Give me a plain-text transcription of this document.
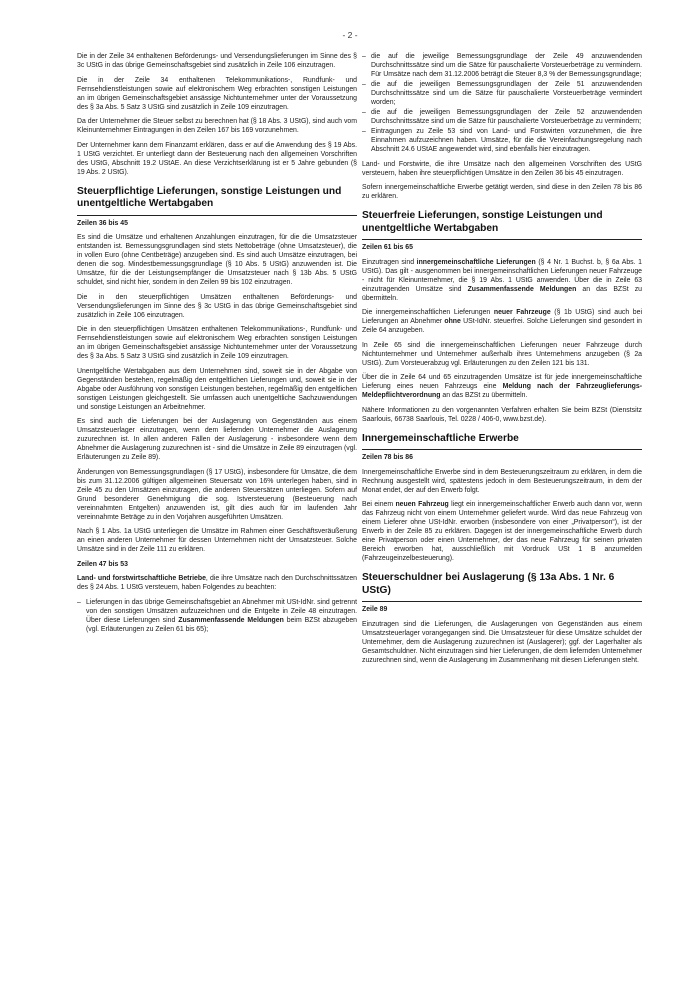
- 2 -

Die in der Zeile 34 enthaltenen Beförderungs- und Versendungslieferungen im Sinne des § 3c UStG in das übrige Gemeinschaftsgebiet sind zusätzlich in Zeile 106 einzutragen.

Die in der Zeile 34 enthaltenen Telekommunikations-, Rundfunk- und Fernsehdienstleistungen sowie auf elektronischem Weg erbrachten sonstigen Leistungen an im übrigen Gemeinschaftsgebiet ansässige Nichtunternehmer unter der Voraussetzung des § 3a Abs. 5 Satz 3 UStG sind zusätzlich in Zeile 109 einzutragen.

Da der Unternehmer die Steuer selbst zu berechnen hat (§ 18 Abs. 3 UStG), sind auch vom Kleinunternehmer Eintragungen in den Zeilen 167 bis 169 vorzunehmen.

Der Unternehmer kann dem Finanzamt erklären, dass er auf die Anwendung des § 19 Abs. 1 UStG verzichtet. Er unterliegt dann der Besteuerung nach den allgemeinen Vorschriften des UStG, Abschnitt 19.2 UStAE. An diese Verzichtserklärung ist er 5 Jahre gebunden (§ 19 Abs. 2 UStG).

Steuerpflichtige Lieferungen, sonstige Leistungen und unentgeltliche Wertabgaben

Zeilen 36 bis 45

Es sind die Umsätze und erhaltenen Anzahlungen einzutragen, für die die Umsatzsteuer entstanden ist. Bemessungsgrundlagen sind stets Nettobeträge (ohne Umsatzsteuer), die in vollen Euro (ohne Centbeträge) anzugeben sind. Es sind auch Umsätze einzutragen, bei denen die sog. Mindestbemessungsgrundlage (§ 10 Abs. 5 UStG) anzuwenden ist. Die Umsätze, für die der Leistungsempfänger die Umsatzsteuer nach § 13b Abs. 5 UStG schuldet, sind nicht hier, sondern in den Zeilen 99 bis 102 einzutragen.

Die in den steuerpflichtigen Umsätzen enthaltenen Beförderungs- und Versendungslieferungen im Sinne des § 3c UStG in das übrige Gemeinschaftsgebiet sind zusätzlich in Zeile 106 einzutragen.

Die in den steuerpflichtigen Umsätzen enthaltenen Telekommunikations-, Rundfunk- und Fernsehdienstleistungen sowie auf elektronischem Weg erbrachten sonstigen Leistungen an im übrigen Gemeinschaftsgebiet ansässige Nichtunternehmer unter der Voraussetzung des § 3a Abs. 5 Satz 3 UStG sind zusätzlich in Zeile 109 einzutragen.

Unentgeltliche Wertabgaben aus dem Unternehmen sind, soweit sie in der Abgabe von Gegenständen bestehen, regelmäßig den entgeltlichen Lieferungen und, soweit sie in der Abgabe oder Ausführung von sonstigen Leistungen bestehen, regelmäßig den entgeltlichen sonstigen Leistungen gleichgestellt. Sie umfassen auch unentgeltliche Sachzuwendungen und sonstige Leistungen an Arbeitnehmer.

Es sind auch die Lieferungen bei der Auslagerung von Gegenständen aus einem Umsatzsteuerlager einzutragen, wenn dem liefernden Unternehmer die Auslagerung zuzurechnen ist. In allen anderen Fällen der Auslagerung - insbesondere wenn dem Abnehmer die Auslagerung zuzurechnen ist - sind die Umsätze in Zeile 89 einzutragen (vgl. Erläuterungen zu Zeile 89).

Änderungen von Bemessungsgrundlagen (§ 17 UStG), insbesondere für Umsätze, die dem bis zum 31.12.2006 gültigen allgemeinen Steuersatz von 16% unterlegen haben, sind in Zeile 45 zu den Umsätzen einzutragen, die anderen Steuersätzen unterliegen. Sofern auf Grund besonderer Genehmigung die sog. Istversteuerung (Besteuerung nach vereinnahmten Entgelten) anzuwenden ist, gilt dies auch für im laufenden Jahr vereinnahmte Beträge zu in den Vorjahren ausgeführten Umsätzen.

Nach § 1 Abs. 1a UStG unterliegen die Umsätze im Rahmen einer Geschäftsveräußerung an einen anderen Unternehmer für dessen Unternehmen nicht der Umsatzsteuer. Solche Umsätze sind in der Zeile 111 zu erklären.

Zeilen 47 bis 53

Land- und forstwirtschaftliche Betriebe, die ihre Umsätze nach den Durchschnittssätzen des § 24 Abs. 1 UStG versteuern, haben Folgendes zu beachten:

– Lieferungen in das übrige Gemeinschaftsgebiet an Abnehmer mit USt-IdNr. sind getrennt von den sonstigen Umsätzen aufzuzeichnen und die Entgelte in Zeile 48 einzutragen. Über diese Lieferungen sind Zusammenfassende Meldungen beim BZSt abzugeben (vgl. Erläuterungen zu Zeilen 61 bis 65);
– die auf die jeweilige Bemessungsgrundlage der Zeile 49 anzuwendenden Durchschnittssätze sind um die Sätze für pauschalierte Vorsteuerbeträge zu vermindern. Für Umsätze nach dem 31.12.2006 beträgt die Steuer 8,3 % der Bemessungsgrundlage;
– die auf die jeweiligen Bemessungsgrundlagen der Zeile 51 anzuwendenden Durchschnittssätze sind um die Sätze für pauschalierte Vorsteuerbeträge vermindert worden;
– die auf die jeweiligen Bemessungsgrundlagen der Zeile 52 anzuwendenden Durchschnittssätze sind um die Sätze für pauschalierte Vorsteuerbeträge zu vermindern;
– Eintragungen zu Zeile 53 sind von Land- und Forstwirten vorzunehmen, die ihre Einnahmen aufzuzeichnen haben. Umsätze, für die die Vereinfachungsregelung nach Abschnitt 24.6 UStAE angewendet wird, sind ebenfalls hier einzutragen.

Land- und Forstwirte, die ihre Umsätze nach den allgemeinen Vorschriften des UStG versteuern, haben ihre steuerpflichtigen Umsätze in den Zeilen 36 bis 45 einzutragen.

Sofern innergemeinschaftliche Erwerbe getätigt werden, sind diese in den Zeilen 78 bis 86 zu erklären.

Steuerfreie Lieferungen, sonstige Leistungen und unentgeltliche Wertabgaben

Zeilen 61 bis 65

Einzutragen sind innergemeinschaftliche Lieferungen (§ 4 Nr. 1 Buchst. b, § 6a Abs. 1 UStG). Das gilt - ausgenommen bei innergemeinschaftlichen Lieferungen neuer Fahrzeuge - nicht für Kleinunternehmer, die § 19 Abs. 1 UStG anwenden. Über die in Zeile 63 einzutragenden Umsätze sind Zusammenfassende Meldungen an das BZSt zu übermitteln.

Die innergemeinschaftlichen Lieferungen neuer Fahrzeuge (§ 1b UStG) sind auch bei Lieferungen an Abnehmer ohne USt-IdNr. steuerfrei. Solche Lieferungen sind gesondert in Zeile 64 anzugeben.

In Zeile 65 sind die innergemeinschaftlichen Lieferungen neuer Fahrzeuge durch Nichtunternehmer und Unternehmer außerhalb ihres Unternehmens anzugeben (§ 2a UStG). Zum Vorsteuerabzug vgl. Erläuterungen zu den Zeilen 121 bis 131.

Über die in Zeile 64 und 65 einzutragenden Umsätze ist für jede innergemeinschaftliche Lieferung eines neuen Fahrzeugs eine Meldung nach der Fahrzeuglieferungs-Meldepflichtverordnung an das BZSt zu übermitteln.

Nähere Informationen zu den vorgenannten Verfahren erhalten Sie beim BZSt (Dienstsitz Saarlouis, 66738 Saarlouis, Tel. 0228 / 406-0, www.bzst.de).

Innergemeinschaftliche Erwerbe

Zeilen 78 bis 86

Innergemeinschaftliche Erwerbe sind in dem Besteuerungszeitraum zu erklären, in dem die Rechnung ausgestellt wird, spätestens jedoch in dem Besteuerungszeitraum, in dem der Monat endet, der auf den Erwerb folgt.

Bei einem neuen Fahrzeug liegt ein innergemeinschaftlicher Erwerb auch dann vor, wenn das Fahrzeug nicht von einem Unternehmer geliefert wurde. Wird das neue Fahrzeug von einem Lieferer ohne USt-IdNr. erworben (insbesondere von einer „Privatperson“), ist der Erwerb in der Zeile 85 zu erklären. Dagegen ist der innergemeinschaftliche Erwerb durch eine Privatperson oder einen Unternehmer, der das neue Fahrzeug für seinen privaten Bereich erworben hat, ausschließlich mit Vordruck USt 1 B anzumelden (Fahrzeugeinzelbesteuerung).

Steuerschuldner bei Auslagerung (§ 13a Abs. 1 Nr. 6 UStG)

Zeile 89

Einzutragen sind die Lieferungen, die Auslagerungen von Gegenständen aus einem Umsatzsteuerlager vorangegangen sind. Die Umsatzsteuer für diese Umsätze schuldet der Unternehmer, dem die Auslagerung zuzurechnen ist (Auslagerer); ggf. der Lagerhalter als Gesamtschuldner. Nicht einzutragen sind hier Lieferungen, die dem liefernden Unternehmer zuzurechnen sind, wenn die Auslagerung im Zusammenhang mit diesen Lieferungen steht.
